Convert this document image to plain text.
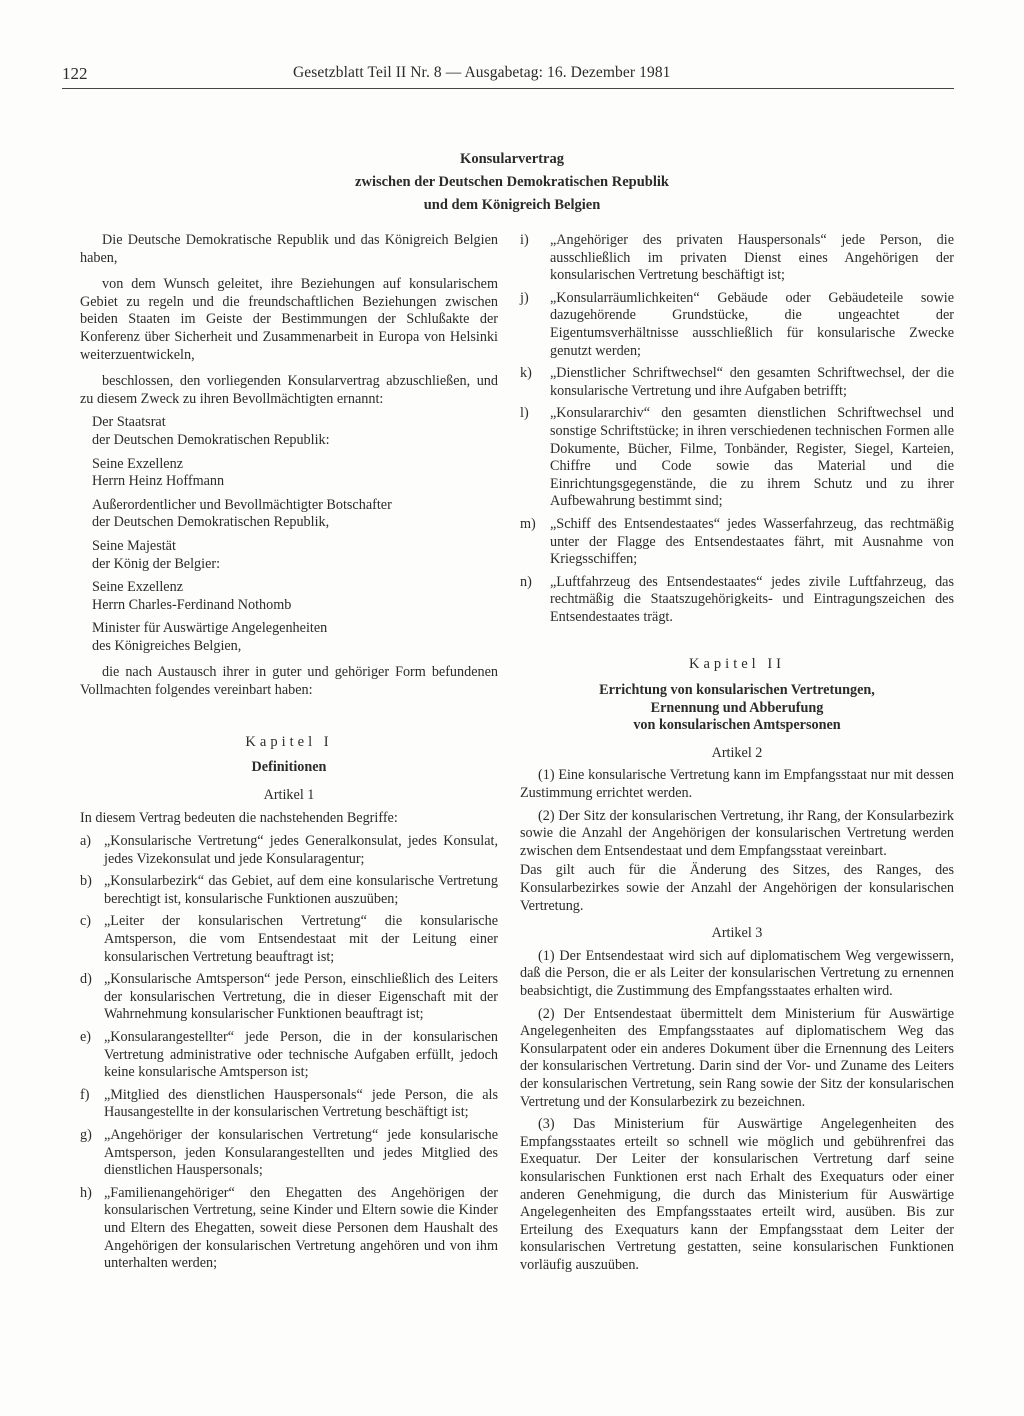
122	Gesetzblatt Teil II Nr. 8 — Ausgabetag: 16. Dezember 1981
Konsularvertrag
zwischen der Deutschen Demokratischen Republik
und dem Königreich Belgien

Die Deutsche Demokratische Republik und das Königreich Belgien haben,

von dem Wunsch geleitet, ihre Beziehungen auf konsularischem Gebiet zu regeln und die freundschaftlichen Beziehungen zwischen beiden Staaten im Geiste der Bestimmungen der Schlußakte der Konferenz über Sicherheit und Zusammenarbeit in Europa von Helsinki weiterzuentwickeln,

beschlossen, den vorliegenden Konsularvertrag abzuschließen, und zu diesem Zweck zu ihren Bevollmächtigten ernannt:

Der Staatsrat
der Deutschen Demokratischen Republik:
Seine Exzellenz
Herrn Heinz Hoffmann
Außerordentlicher und Bevollmächtigter Botschafter
der Deutschen Demokratischen Republik,
Seine Majestät
der König der Belgier:
Seine Exzellenz
Herrn Charles-Ferdinand Nothomb
Minister für Auswärtige Angelegenheiten
des Königreiches Belgien,

die nach Austausch ihrer in guter und gehöriger Form befundenen Vollmachten folgendes vereinbart haben:

Kapitel I
Definitionen
Artikel 1

In diesem Vertrag bedeuten die nachstehenden Begriffe:

a) „Konsularische Vertretung“ jedes Generalkonsulat, jedes Konsulat, jedes Vizekonsulat und jede Konsularagentur;
b) „Konsularbezirk“ das Gebiet, auf dem eine konsularische Vertretung berechtigt ist, konsularische Funktionen auszuüben;
c) „Leiter der konsularischen Vertretung“ die konsularische Amtsperson, die vom Entsendestaat mit der Leitung einer konsularischen Vertretung beauftragt ist;
d) „Konsularische Amtsperson“ jede Person, einschließlich des Leiters der konsularischen Vertretung, die in dieser Eigenschaft mit der Wahrnehmung konsularischer Funktionen beauftragt ist;
e) „Konsularangestellter“ jede Person, die in der konsularischen Vertretung administrative oder technische Aufgaben erfüllt, jedoch keine konsularische Amtsperson ist;
f) „Mitglied des dienstlichen Hauspersonals“ jede Person, die als Hausangestellte in der konsularischen Vertretung beschäftigt ist;
g) „Angehöriger der konsularischen Vertretung“ jede konsularische Amtsperson, jeden Konsularangestellten und jedes Mitglied des dienstlichen Hauspersonals;
h) „Familienangehöriger“ den Ehegatten des Angehörigen der konsularischen Vertretung, seine Kinder und Eltern sowie die Kinder und Eltern des Ehegatten, soweit diese Personen dem Haushalt des Angehörigen der konsularischen Vertretung angehören und von ihm unterhalten werden;
i) „Angehöriger des privaten Hauspersonals“ jede Person, die ausschließlich im privaten Dienst eines Angehörigen der konsularischen Vertretung beschäftigt ist;
j) „Konsularräumlichkeiten“ Gebäude oder Gebäudeteile sowie dazugehörende Grundstücke, die ungeachtet der Eigentumsverhältnisse ausschließlich für konsularische Zwecke genutzt werden;
k) „Dienstlicher Schriftwechsel“ den gesamten Schriftwechsel, der die konsularische Vertretung und ihre Aufgaben betrifft;
l) „Konsulararchiv“ den gesamten dienstlichen Schriftwechsel und sonstige Schriftstücke; in ihren verschiedenen technischen Formen alle Dokumente, Bücher, Filme, Tonbänder, Register, Siegel, Karteien, Chiffre und Code sowie das Material und die Einrichtungsgegenstände, die zu ihrem Schutz und zu ihrer Aufbewahrung bestimmt sind;
m) „Schiff des Entsendestaates“ jedes Wasserfahrzeug, das rechtmäßig unter der Flagge des Entsendestaates fährt, mit Ausnahme von Kriegsschiffen;
n) „Luftfahrzeug des Entsendestaates“ jedes zivile Luftfahrzeug, das rechtmäßig die Staatszugehörigkeits- und Eintragungszeichen des Entsendestaates trägt.
Kapitel II
Errichtung von konsularischen Vertretungen,
Ernennung und Abberufung
von konsularischen Amtspersonen
Artikel 2

(1) Eine konsularische Vertretung kann im Empfangsstaat nur mit dessen Zustimmung errichtet werden.

(2) Der Sitz der konsularischen Vertretung, ihr Rang, der Konsularbezirk sowie die Anzahl der Angehörigen der konsularischen Vertretung werden zwischen dem Entsendestaat und dem Empfangsstaat vereinbart.

Das gilt auch für die Änderung des Sitzes, des Ranges, des Konsularbezirkes sowie der Anzahl der Angehörigen der konsularischen Vertretung.

Artikel 3

(1) Der Entsendestaat wird sich auf diplomatischem Weg vergewissern, daß die Person, die er als Leiter der konsularischen Vertretung zu ernennen beabsichtigt, die Zustimmung des Empfangsstaates erhalten wird.

(2) Der Entsendestaat übermittelt dem Ministerium für Auswärtige Angelegenheiten des Empfangsstaates auf diplomatischem Weg das Konsularpatent oder ein anderes Dokument über die Ernennung des Leiters der konsularischen Vertretung. Darin sind der Vor- und Zuname des Leiters der konsularischen Vertretung, sein Rang sowie der Sitz der konsularischen Vertretung und der Konsularbezirk zu bezeichnen.

(3) Das Ministerium für Auswärtige Angelegenheiten des Empfangsstaates erteilt so schnell wie möglich und gebührenfrei das Exequatur. Der Leiter der konsularischen Vertretung darf seine konsularischen Funktionen erst nach Erhalt des Exequaturs oder einer anderen Genehmigung, die durch das Ministerium für Auswärtige Angelegenheiten des Empfangsstaates erteilt wird, ausüben. Bis zur Erteilung des Exequaturs kann der Empfangsstaat dem Leiter der konsularischen Vertretung gestatten, seine konsularischen Funktionen vorläufig auszuüben.
